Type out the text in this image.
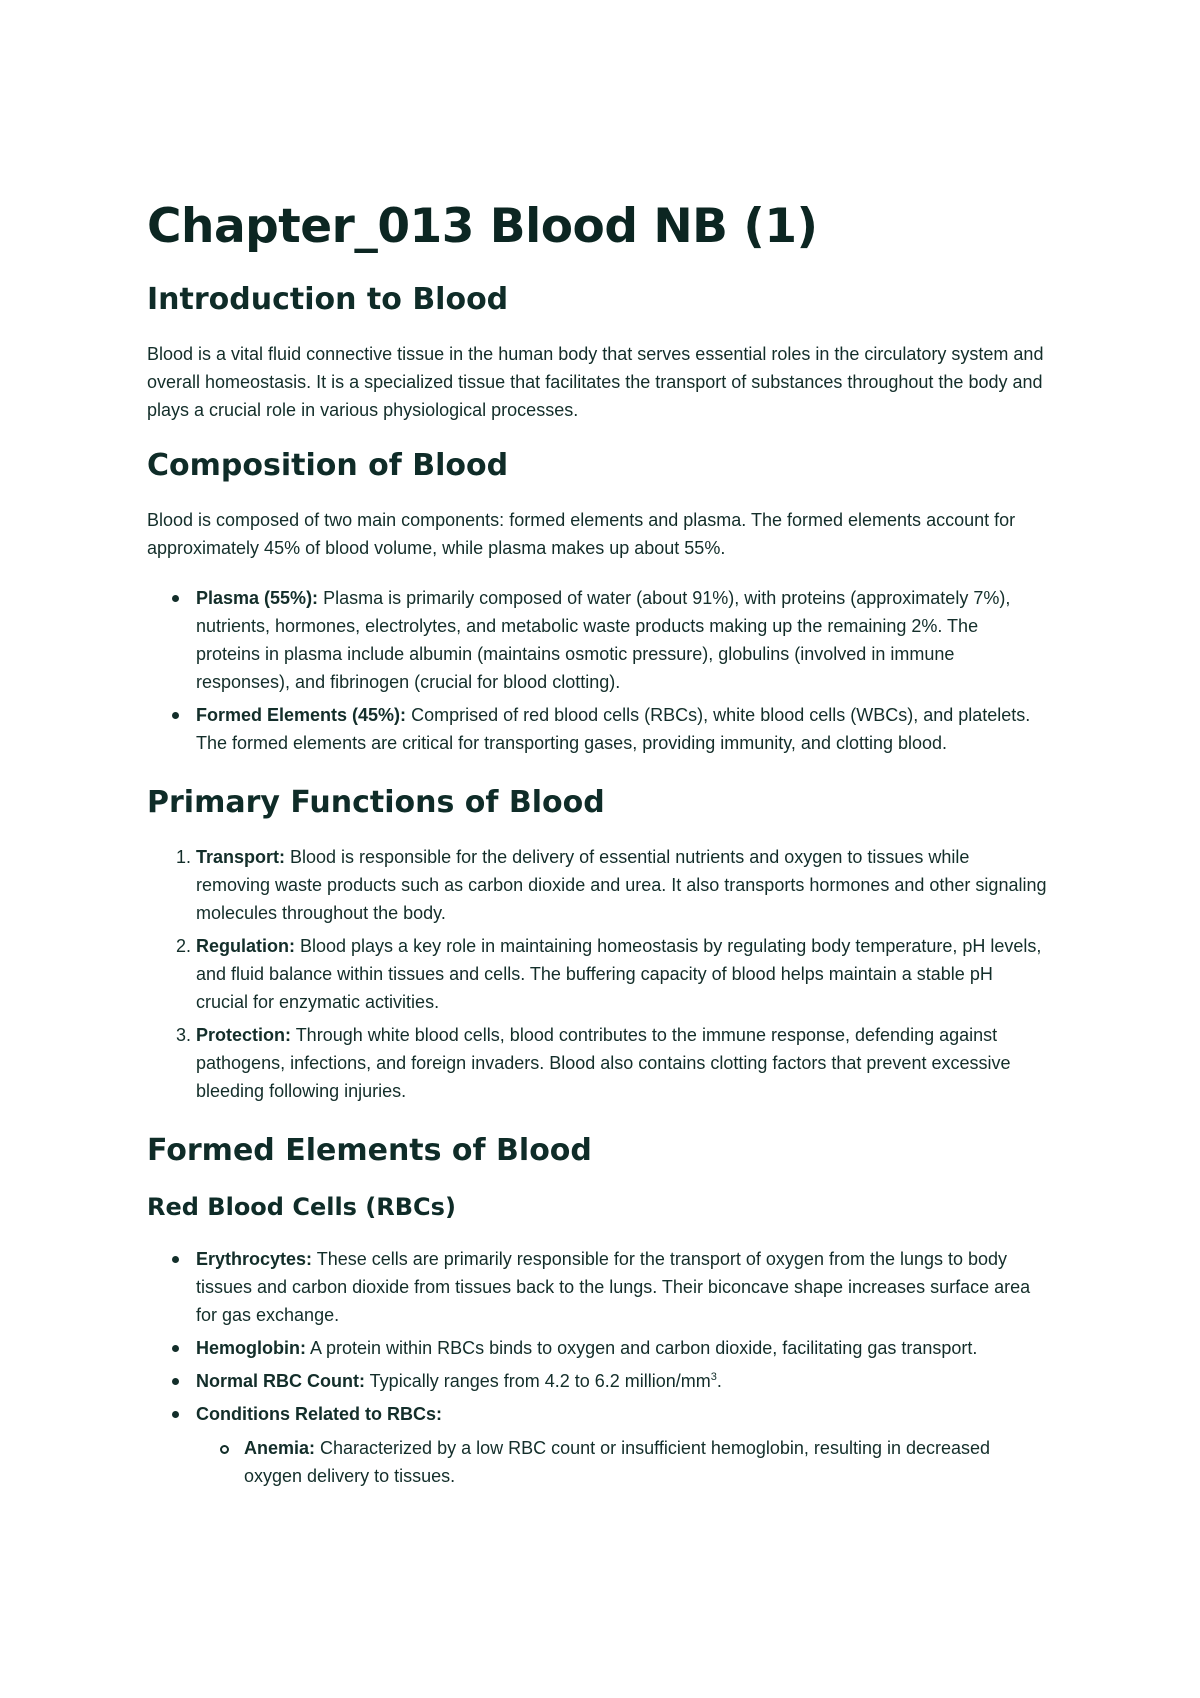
Chapter_013 Blood NB (1)
Introduction to Blood

Blood is a vital fluid connective tissue in the human body that serves essential roles in the circulatory system and overall homeostasis. It is a specialized tissue that facilitates the transport of substances throughout the body and plays a crucial role in various physiological processes.

Composition of Blood

Blood is composed of two main components: formed elements and plasma. The formed elements account for approximately 45% of blood volume, while plasma makes up about 55%.

Plasma (55%): Plasma is primarily composed of water (about 91%), with proteins (approximately 7%), nutrients, hormones, electrolytes, and metabolic waste products making up the remaining 2%. The proteins in plasma include albumin (maintains osmotic pressure), globulins (involved in immune responses), and fibrinogen (crucial for blood clotting).
Formed Elements (45%): Comprised of red blood cells (RBCs), white blood cells (WBCs), and platelets. The formed elements are critical for transporting gases, providing immunity, and clotting blood.
Primary Functions of Blood
1. Transport: Blood is responsible for the delivery of essential nutrients and oxygen to tissues while removing waste products such as carbon dioxide and urea. It also transports hormones and other signaling molecules throughout the body.
2. Regulation: Blood plays a key role in maintaining homeostasis by regulating body temperature, pH levels, and fluid balance within tissues and cells. The buffering capacity of blood helps maintain a stable pH crucial for enzymatic activities.
3. Protection: Through white blood cells, blood contributes to the immune response, defending against pathogens, infections, and foreign invaders. Blood also contains clotting factors that prevent excessive bleeding following injuries.
Formed Elements of Blood
Red Blood Cells (RBCs)
Erythrocytes: These cells are primarily responsible for the transport of oxygen from the lungs to body tissues and carbon dioxide from tissues back to the lungs. Their biconcave shape increases surface area for gas exchange.
Hemoglobin: A protein within RBCs binds to oxygen and carbon dioxide, facilitating gas transport.
Normal RBC Count: Typically ranges from 4.2 to 6.2 million/$mm^3$.
Conditions Related to RBCs:
Anemia: Characterized by a low RBC count or insufficient hemoglobin, resulting in decreased oxygen delivery to tissues.
